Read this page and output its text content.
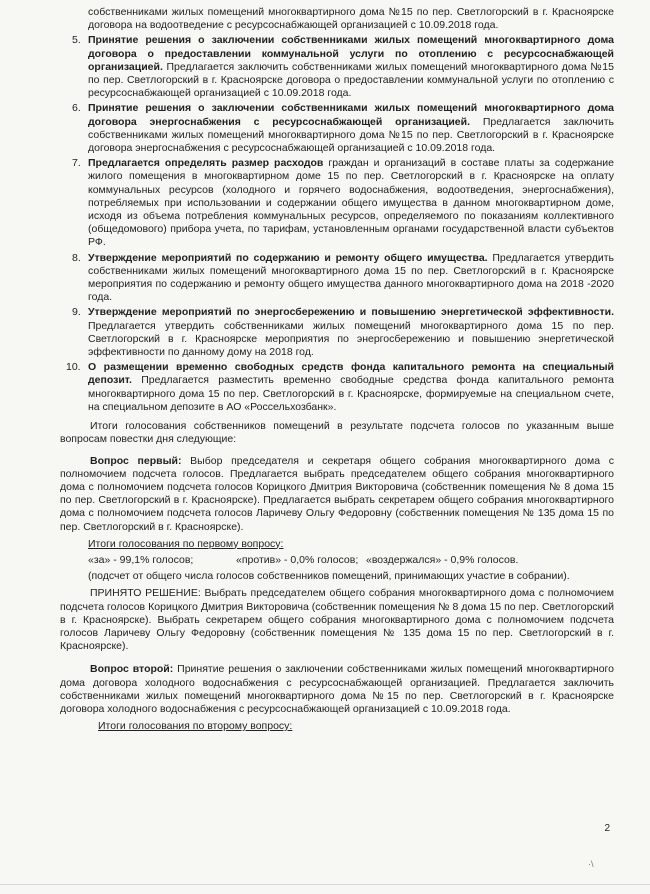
собственниками жилых помещений многоквартирного дома №15 по пер. Светлогорский в г. Красноярске договора на водоотведение с ресурсоснабжающей организацией с 10.09.2018 года.

5. Принятие решения о заключении собственниками жилых помещений многоквартирного дома договора о предоставлении коммунальной услуги по отоплению с ресурсоснабжающей организацией. Предлагается заключить собственниками жилых помещений многоквартирного дома №15 по пер. Светлогорский в г. Красноярске договора о предоставлении коммунальной услуги по отоплению с ресурсоснабжающей организацией с 10.09.2018 года.
6. Принятие решения о заключении собственниками жилых помещений многоквартирного дома договора энергоснабжения с ресурсоснабжающей организацией. Предлагается заключить собственниками жилых помещений многоквартирного дома №15 по пер. Светлогорский в г. Красноярске договора энергоснабжения с ресурсоснабжающей организацией с 10.09.2018 года.
7. Предлагается определять размер расходов граждан и организаций в составе платы за содержание жилого помещения в многоквартирном доме 15 по пер. Светлогорский в г. Красноярске на оплату коммунальных ресурсов (холодного и горячего водоснабжения, водоотведения, энергоснабжения), потребляемых при использовании и содержании общего имущества в данном многоквартирном доме, исходя из объема потребления коммунальных ресурсов, определяемого по показаниям коллективного (общедомового) прибора учета, по тарифам, установленным органами государственной власти субъектов РФ.
8. Утверждение мероприятий по содержанию и ремонту общего имущества. Предлагается утвердить собственниками жилых помещений многоквартирного дома 15 по пер. Светлогорский в г. Красноярске мероприятия по содержанию и ремонту общего имущества данного многоквартирного дома на 2018 -2020 года.
9. Утверждение мероприятий по энергосбережению и повышению энергетической эффективности. Предлагается утвердить собственниками жилых помещений многоквартирного дома 15 по пер. Светлогорский в г. Красноярске мероприятия по энергосбережению и повышению энергетической эффективности по данному дому на 2018 год.
10. О размещении временно свободных средств фонда капитального ремонта на специальный депозит. Предлагается разместить временно свободные средства фонда капитального ремонта многоквартирного дома 15 по пер. Светлогорский в г. Красноярске, формируемые на специальном счете, на специальном депозите в АО «Россельхозбанк».

Итоги голосования собственников помещений в результате подсчета голосов по указанным выше вопросам повестки дня следующие:

Вопрос первый: Выбор председателя и секретаря общего собрания многоквартирного дома с полномочием подсчета голосов. Предлагается выбрать председателем общего собрания многоквартирного дома с полномочием подсчета голосов Корицкого Дмитрия Викторовича (собственник помещения № 8 дома 15 по пер. Светлогорский в г. Красноярске). Предлагается выбрать секретарем общего собрания многоквартирного дома с полномочием подсчета голосов Ларичеву Ольгу Федоровну (собственник помещения № 135 дома 15 по пер. Светлогорский в г. Красноярске).

Итоги голосования по первому вопросу:
«за» - 99,1% голосов;	«против» - 0,0% голосов; «воздержался» - 0,9% голосов.

(подсчет от общего числа голосов собственников помещений, принимающих участие в собрании).

ПРИНЯТО РЕШЕНИЕ: Выбрать председателем общего собрания многоквартирного дома с полномочием подсчета голосов Корицкого Дмитрия Викторовича (собственник помещения № 8 дома 15 по пер. Светлогорский в г. Красноярске). Выбрать секретарем общего собрания многоквартирного дома с полномочием подсчета голосов Ларичеву Ольгу Федоровну (собственник помещения № 135 дома 15 по пер. Светлогорский в г. Красноярске).

Вопрос второй: Принятие решения о заключении собственниками жилых помещений многоквартирного дома договора холодного водоснабжения с ресурсоснабжающей организацией. Предлагается заключить собственниками жилых помещений многоквартирного дома №15 по пер. Светлогорский в г. Красноярске договора холодного водоснабжения с ресурсоснабжающей организацией с 10.09.2018 года.

Итоги голосования по второму вопросу:
2
·\
